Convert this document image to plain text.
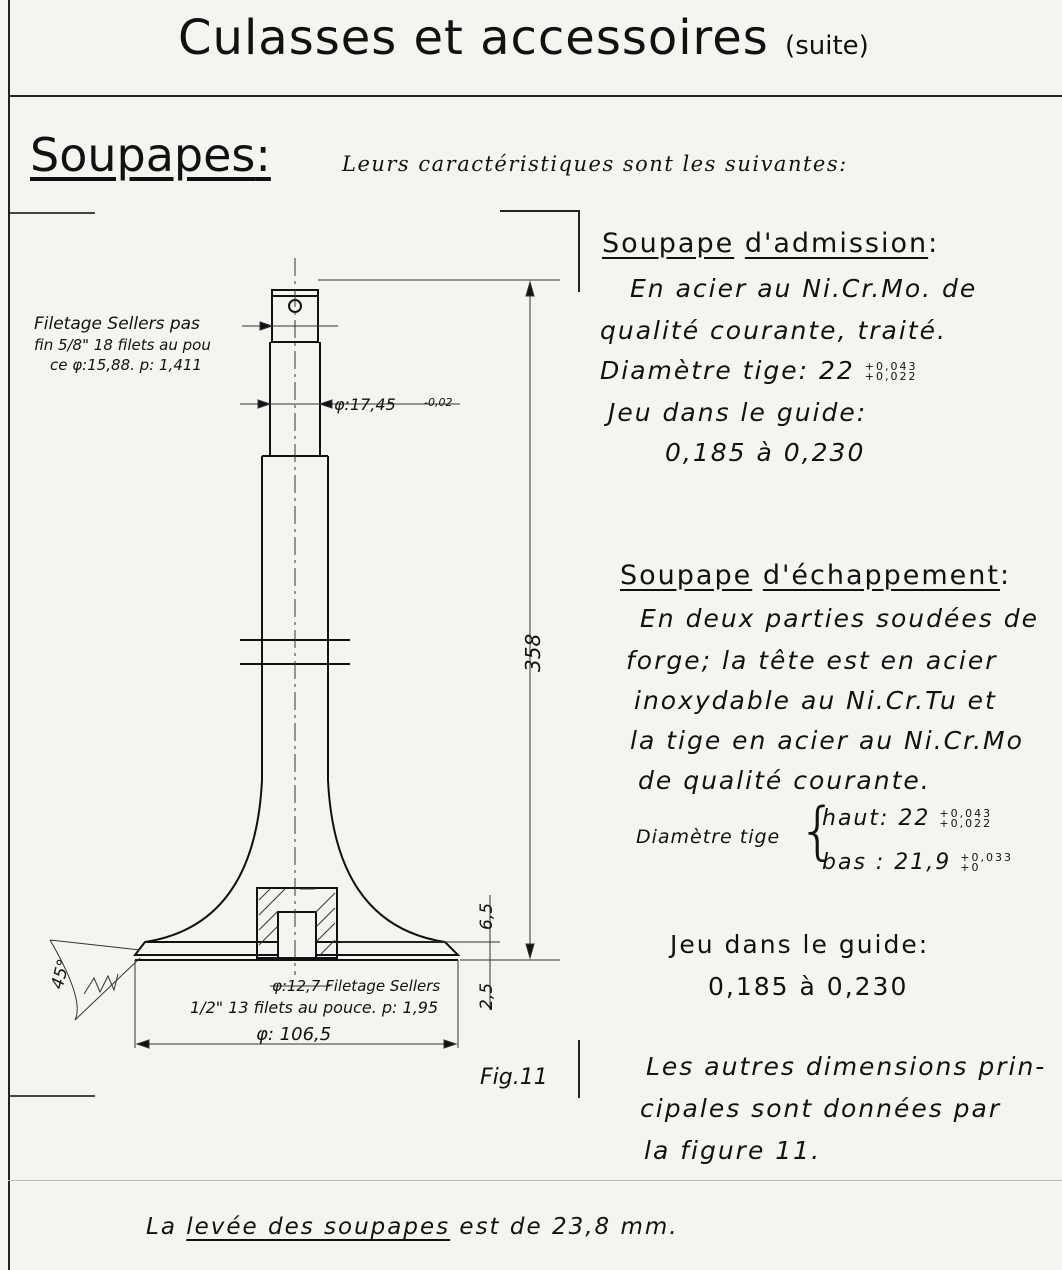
Culasses et accessoires (suite)
Soupapes:	Leurs caractéristiques sont les suivantes:
Filetage Sellers pas
fin 5/8" 18 filets au pou
ce φ:15,88. p: 1,411
φ:17,45	-0,02
358
6,5
2,5
45°	φ:12,7 Filetage Sellers
1/2" 13 filets au pouce. p: 1,95
φ: 106,5
Fig.11
Soupape d'admission:
En acier au Ni.Cr.Mo. de
qualité courante, traité.
Diamètre tige: 22 +0,043
+0,022
Jeu dans le guide:
0,185 à 0,230
Soupape d'échappement:
En deux parties soudées de
forge; la tête est en acier
inoxydable au Ni.Cr.Tu et
la tige en acier au Ni.Cr.Mo
de qualité courante.
Diamètre tige {
haut: 22 +0,043
+0,022
bas : 21,9 +0,033
+0
Jeu dans le guide:
0,185 à 0,230
Les autres dimensions prin-
cipales sont données par
la figure 11.
La levée des soupapes est de 23,8 mm.
